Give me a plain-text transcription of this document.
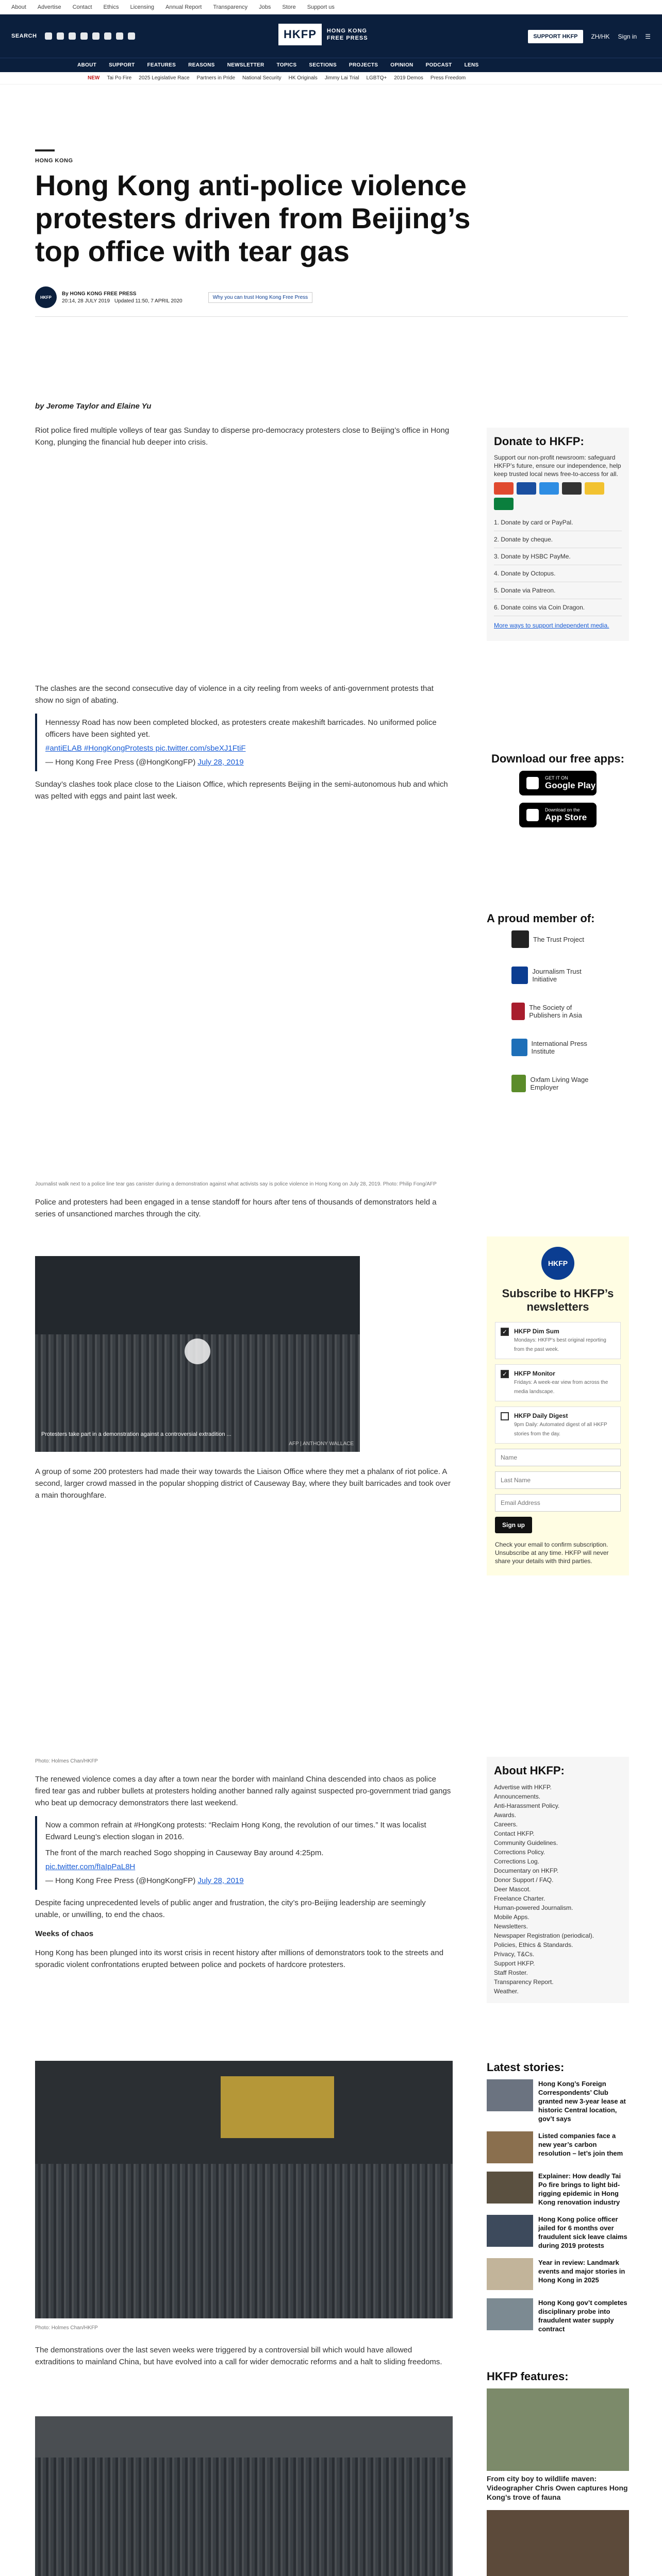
About Advertise Contact Ethics Licensing Annual Report Transparency Jobs Store Support us
SEARCH	HKFP	HONG KONG FREE PRESS	SUPPORT HKFP	ZH/HK Sign in ☰
ABOUT SUPPORT FEATURES REASONS NEWSLETTER TOPICS SECTIONS PROJECTS OPINION PODCAST LENS
NEW Tai Po Fire 2025 Legislative Race Partners in Pride National Security HK Originals Jimmy Lai Trial LGBTQ+ 2019 Demos Press Freedom
HONG KONG
Hong Kong anti-police violence protesters driven from Beijing’s top office with tear gas
HKFP
By HONG KONG FREE PRESS
20:14, 28 JULY 2019 Updated 11:50, 7 APRIL 2020
Why you can trust Hong Kong Free Press
by Jerome Taylor and Elaine Yu

Riot police fired multiple volleys of tear gas Sunday to disperse pro-democracy protesters close to Beijing’s office in Hong Kong, plunging the financial hub deeper into crisis.

The clashes are the second consecutive day of violence in a city reeling from weeks of anti-government protests that show no sign of abating.

Hennessy Road has now been completed blocked, as protesters create makeshift barricades. No uniformed police officers have been sighted yet.

#antiELAB #HongKongProtests pic.twitter.com/sbeXJ1FtiF

— Hong Kong Free Press (@HongKongFP) July 28, 2019

Sunday’s clashes took place close to the Liaison Office, which represents Beijing in the semi-autonomous hub and which was pelted with eggs and paint last week.

Journalist walk next to a police line tear gas canister during a demonstration against what activists say is police violence in Hong Kong on July 28, 2019. Photo: Philip Fong/AFP

Police and protesters had been engaged in a tense standoff for hours after tens of thousands of demonstrators held a series of unsanctioned marches through the city.

Protesters take part in a demonstration against a controversial extradition ...
AFP | ANTHONY WALLACE

A group of some 200 protesters had made their way towards the Liaison Office where they met a phalanx of riot police. A second, larger crowd massed in the popular shopping district of Causeway Bay, where they built barricades and took over a main thoroughfare.

Photo: Holmes Chan/HKFP

The renewed violence comes a day after a town near the border with mainland China descended into chaos as police fired tear gas and rubber bullets at protesters holding another banned rally against suspected pro-government triad gangs who beat up democracy demonstrators there last weekend.

Now a common refrain at #HongKong protests: “Reclaim Hong Kong, the revolution of our times.” It was localist Edward Leung’s election slogan in 2016.

The front of the march reached Sogo shopping in Causeway Bay around 4:25pm.

pic.twitter.com/fIaIpPaL8H

— Hong Kong Free Press (@HongKongFP) July 28, 2019

Despite facing unprecedented levels of public anger and frustration, the city’s pro-Beijing leadership are seemingly unable, or unwilling, to end the chaos.

Weeks of chaos

Hong Kong has been plunged into its worst crisis in recent history after millions of demonstrators took to the streets and sporadic violent confrontations erupted between police and pockets of hardcore protesters.

Photo: Holmes Chan/HKFP

The demonstrations over the last seven weeks were triggered by a controversial bill which would have allowed extraditions to mainland China, but have evolved into a call for wider democratic reforms and a halt to sliding freedoms.

Donate to HKFP:

Support our non-profit newsroom: safeguard HKFP’s future, ensure our independence, help keep trusted local news free-to-access for all.

1. Donate by card or PayPal.
2. Donate by cheque.
3. Donate by HSBC PayMe.
4. Donate by Octopus.
5. Donate via Patreon.
6. Donate coins via Coin Dragon.

More ways to support independent media.

Download our free apps:
GET IT ON
Google Play
Download on the
App Store
A proud member of:
The Trust Project
Journalism Trust Initiative
The Society of Publishers in Asia
International Press Institute
Oxfam Living Wage Employer
HKFP
Subscribe to HKFP’s newsletters
✓ HKFP Dim Sum
Mondays: HKFP’s best original reporting from the past week.
✓ HKFP Monitor
Fridays: A week-ear view from across the media landscape.
HKFP Daily Digest
9pm Daily: Automated digest of all HKFP stories from the day.
Name Last Name Email Address Sign up

Check your email to confirm subscription. Unsubscribe at any time. HKFP will never share your details with third parties.

About HKFP:
Advertise with HKFP.
Announcements.
Anti-Harassment Policy.
Awards.
Careers.
Contact HKFP.
Community Guidelines.
Corrections Policy.
Corrections Log.
Documentary on HKFP.
Donor Support / FAQ.
Deer Mascot.
Freelance Charter.
Human-powered Journalism.
Mobile Apps.
Newsletters.
Newspaper Registration (periodical).
Policies, Ethics & Standards.
Privacy, T&Cs.
Support HKFP.
Staff Roster.
Transparency Report.
Weather.
Latest stories:
Hong Kong’s Foreign Correspondents’ Club granted new 3-year lease at historic Central location, gov’t says
Listed companies face a new year’s carbon resolution – let’s join them
Explainer: How deadly Tai Po fire brings to light bid-rigging epidemic in Hong Kong renovation industry
Hong Kong police officer jailed for 6 months over fraudulent sick leave claims during 2019 protests
Year in review: Landmark events and major stories in Hong Kong in 2025
Hong Kong gov’t completes disciplinary probe into fraudulent water supply contract
HKFP features:
From city boy to wildlife maven: Videographer Chris Owen captures Hong Kong’s trove of fauna
